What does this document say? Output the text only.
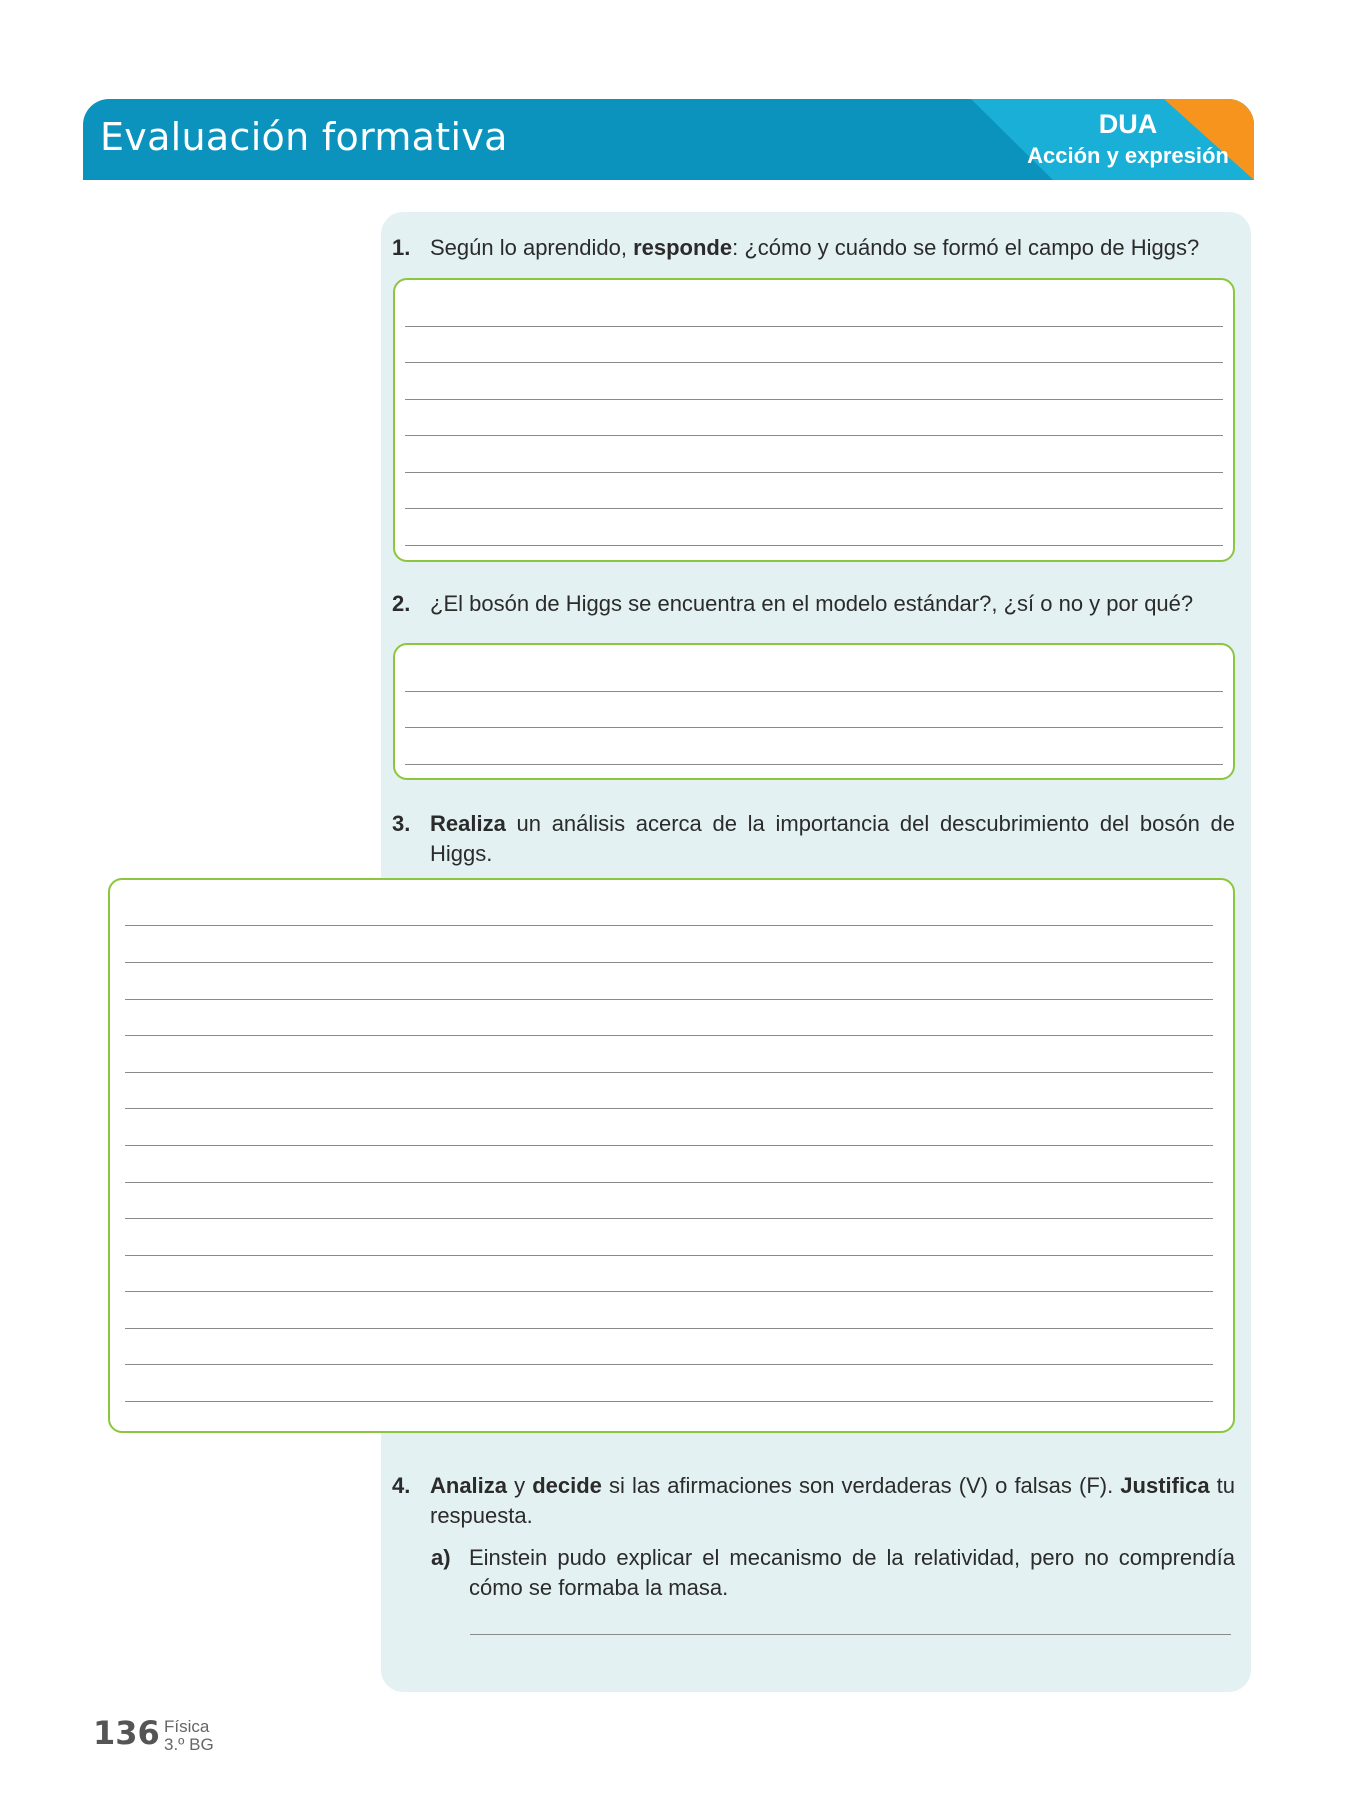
Evaluación formativa	DUA
Acción y expresión
1. Según lo aprendido, responde: ¿cómo y cuándo se formó el campo de Higgs?
2. ¿El bosón de Higgs se encuentra en el modelo estándar?, ¿sí o no y por qué?
3. Realiza un análisis acerca de la importancia del descubrimiento del bosón de Higgs.
4. Analiza y decide si las afirmaciones son verdaderas (V) o falsas (F). Justifica tu respuesta.
a) Einstein pudo explicar el mecanismo de la relatividad, pero no comprendía cómo se formaba la masa.
136 Física
3.º BG
